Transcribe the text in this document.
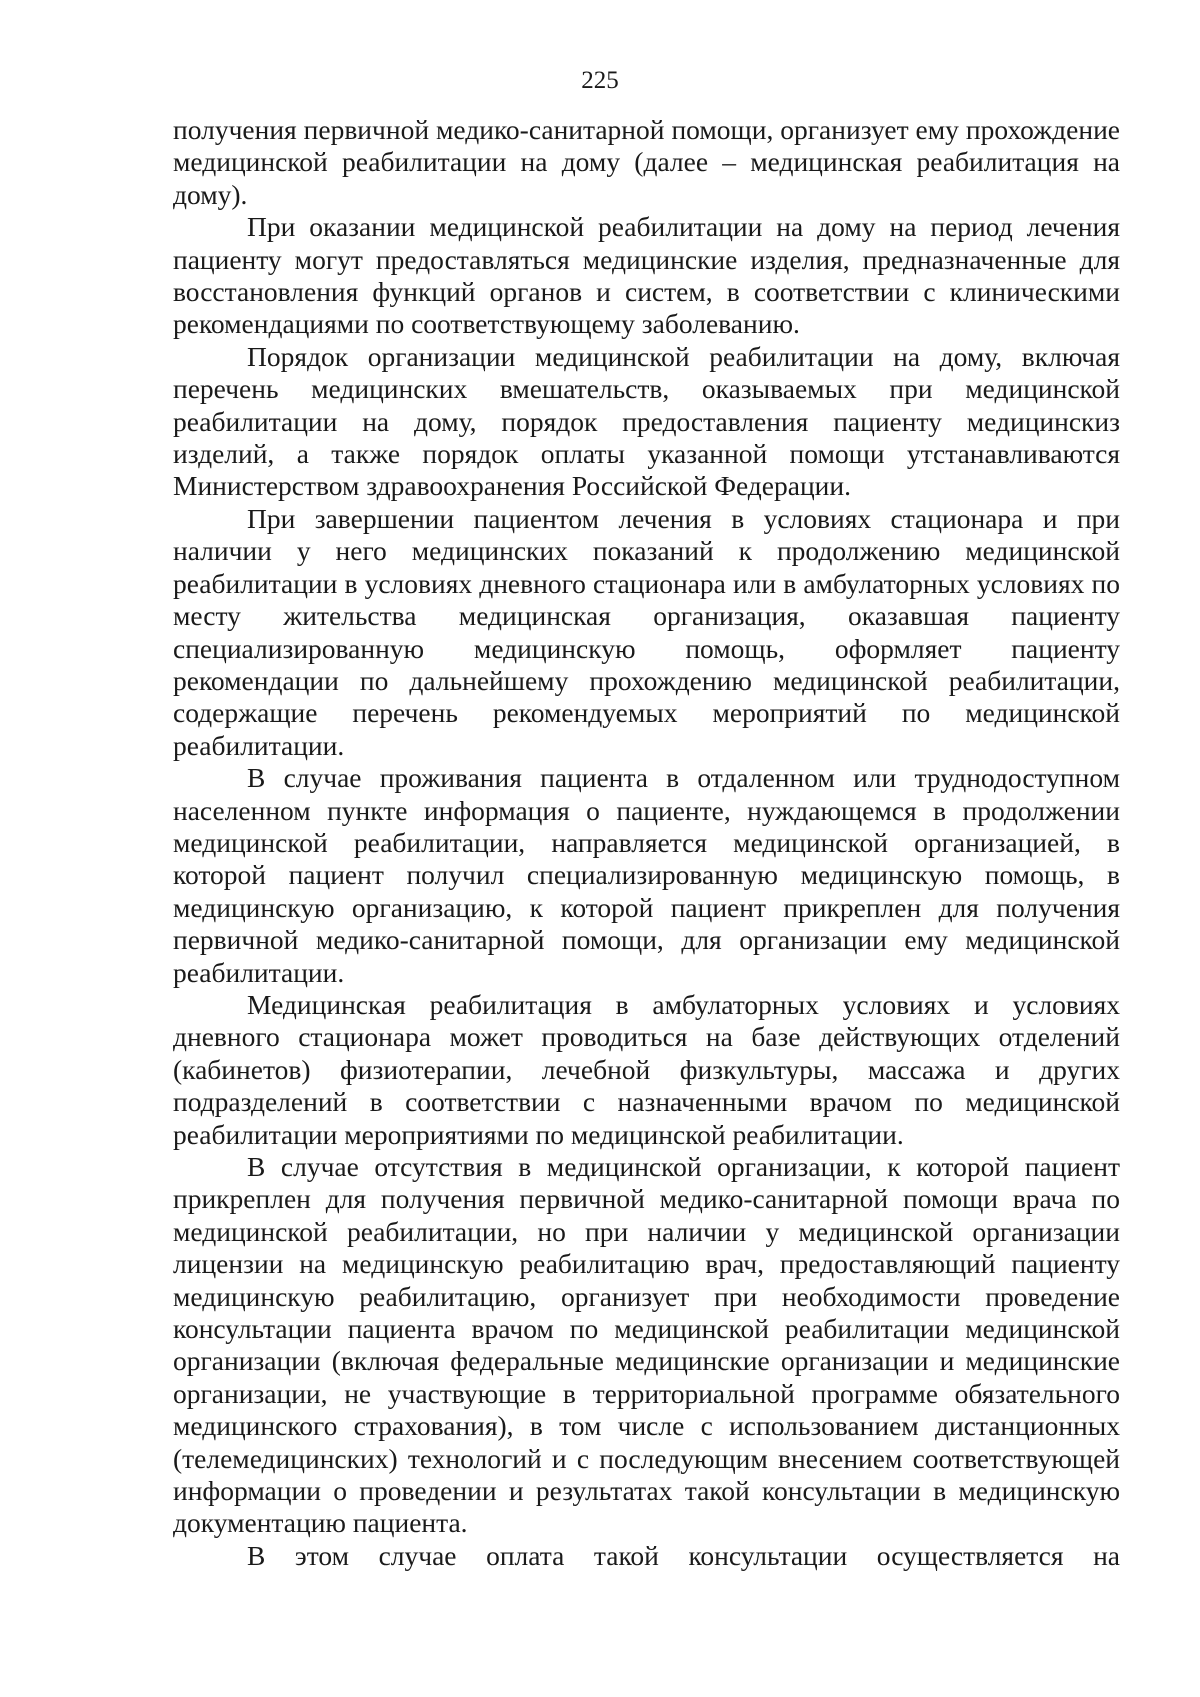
225

получения первичной медико-санитарной помощи, организует ему прохождение медицинской реабилитации на дому (далее – медицинская реабилитация на дому).

При оказании медицинской реабилитации на дому на период лечения пациенту могут предоставляться медицинские изделия, предназначенные для восстановления функций органов и систем, в соответствии с клиническими рекомендациями по соответствующему заболеванию.

Порядок организации медицинской реабилитации на дому, включая перечень медицинских вмешательств, оказываемых при медицинской реабилитации на дому, порядок предоставления пациенту медицинскиз изделий, а также порядок оплаты указанной помощи утстанавливаются Министерством здравоохранения Российской Федерации.

При завершении пациентом лечения в условиях стационара и при наличии у него медицинских показаний к продолжению медицинской реабилитации в условиях дневного стационара или в амбулаторных условиях по месту жительства медицинская организация, оказавшая пациенту специализированную медицинскую помощь, оформляет пациенту рекомендации по дальнейшему прохождению медицинской реабилитации, содержащие перечень рекомендуемых мероприятий по медицинской реабилитации.

В случае проживания пациента в отдаленном или труднодоступном населенном пункте информация о пациенте, нуждающемся в продолжении медицинской реабилитации, направляется медицинской организацией, в которой пациент получил специализированную медицинскую помощь, в медицинскую организацию, к которой пациент прикреплен для получения первичной медико-санитарной помощи, для организации ему медицинской реабилитации.

Медицинская реабилитация в амбулаторных условиях и условиях дневного стационара может проводиться на базе действующих отделений (кабинетов) физиотерапии, лечебной физкультуры, массажа и других подразделений в соответствии с назначенными врачом по медицинской реабилитации мероприятиями по медицинской реабилитации.

В случае отсутствия в медицинской организации, к которой пациент прикреплен для получения первичной медико-санитарной помощи врача по медицинской реабилитации, но при наличии у медицинской организации лицензии на медицинскую реабилитацию врач, предоставляющий пациенту медицинскую реабилитацию, организует при необходимости проведение консультации пациента врачом по медицинской реабилитации медицинской организации (включая федеральные медицинские организации и медицинские организации, не участвующие в территориальной программе обязательного медицинского страхования), в том числе с использованием дистанционных (телемедицинских) технологий и с последующим внесением соответствующей информации о проведении и результатах такой консультации в медицинскую документацию пациента.

В этом случае оплата такой консультации осуществляется на
